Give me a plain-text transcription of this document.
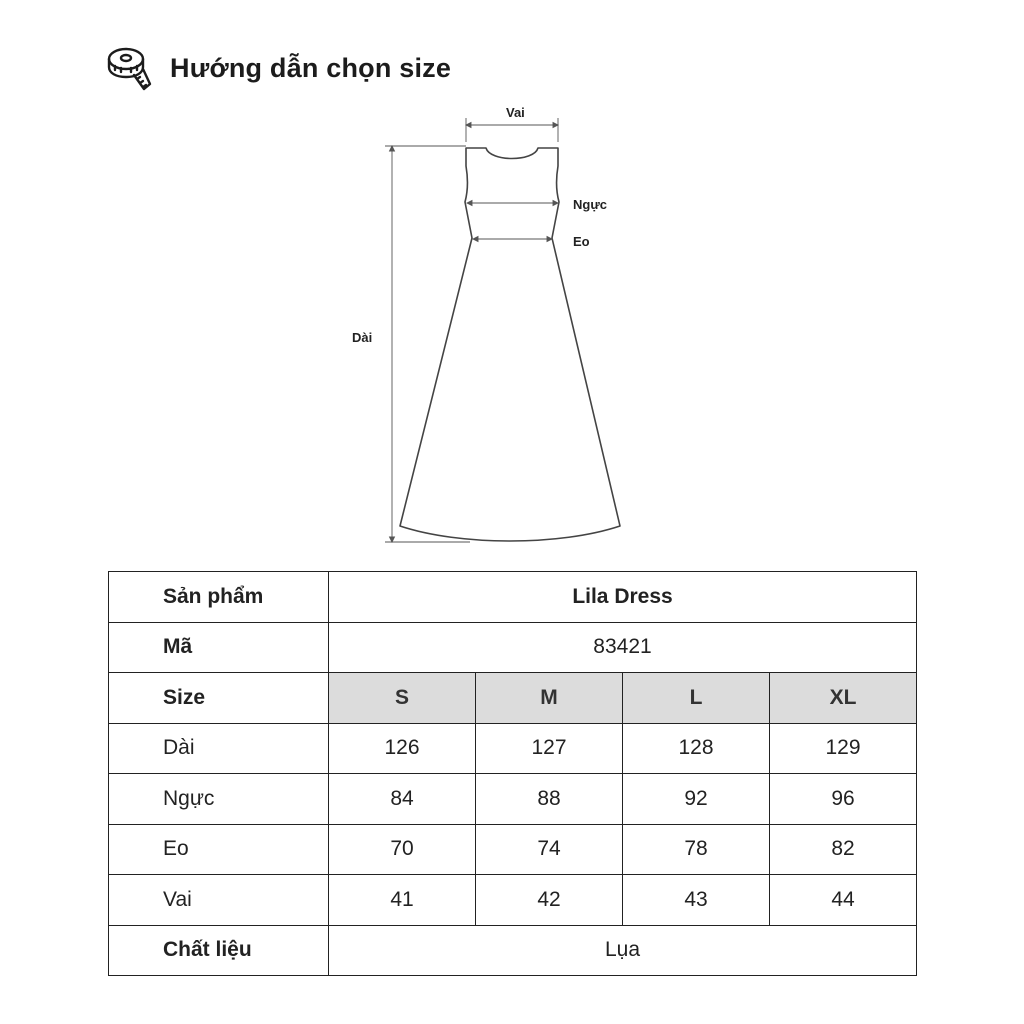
Hướng dẫn chọn size
Vai
Ngực
Eo
Dài
Sản phẩm	Lila Dress			
Mã	83421			
Size	S	M	L	XL
Dài	126	127	128	129
Ngực	84	88	92	96
Eo	70	74	78	82
Vai	41	42	43	44
Chất liệu	Lụa			
